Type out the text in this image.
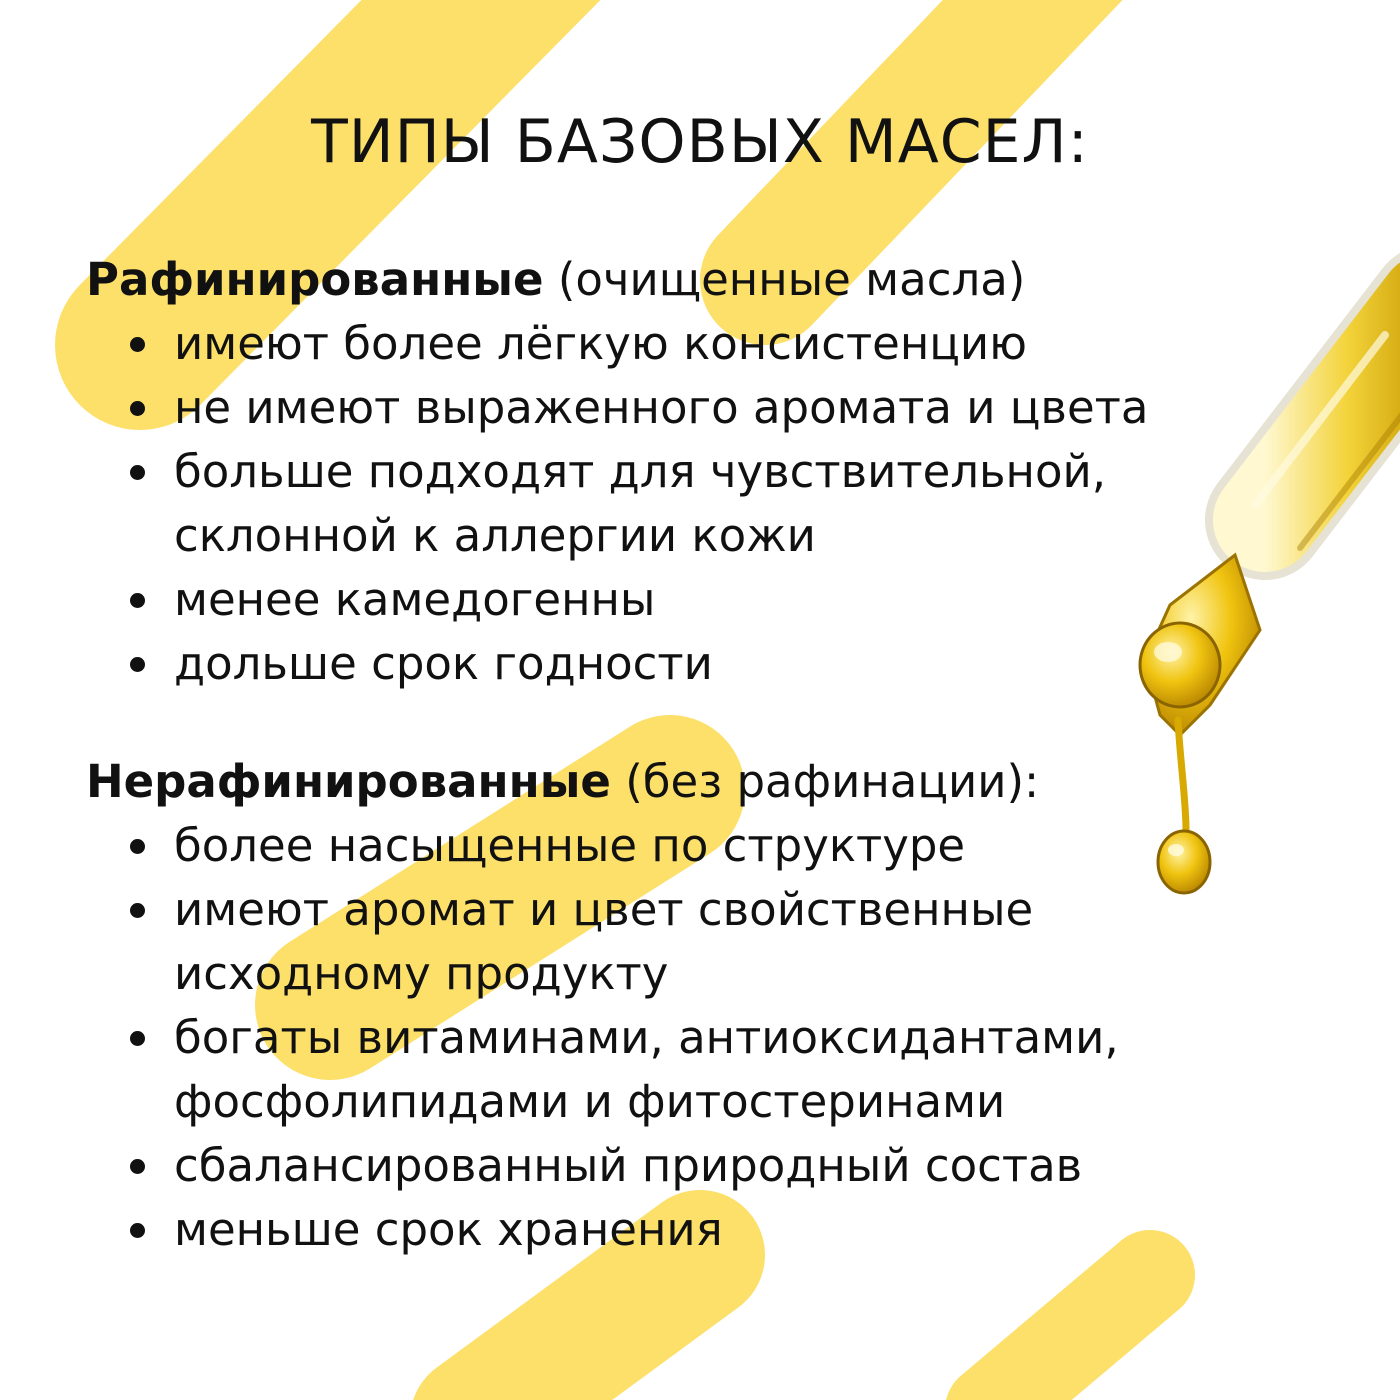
ТИПЫ БАЗОВЫХ МАСЕЛ:

Рафинированные (очищенные масла)

имеют более лёгкую консистенцию
не имеют выраженного аромата и цвета
больше подходят для чувствительной,
склонной к аллергии кожи
менее камедогенны
дольше срок годности

Нерафинированные (без рафинации):

более насыщенные по структуре
имеют аромат и цвет свойственные
исходному продукту
богаты витаминами, антиоксидантами,
фосфолипидами и фитостеринами
сбалансированный природный состав
меньше срок хранения
